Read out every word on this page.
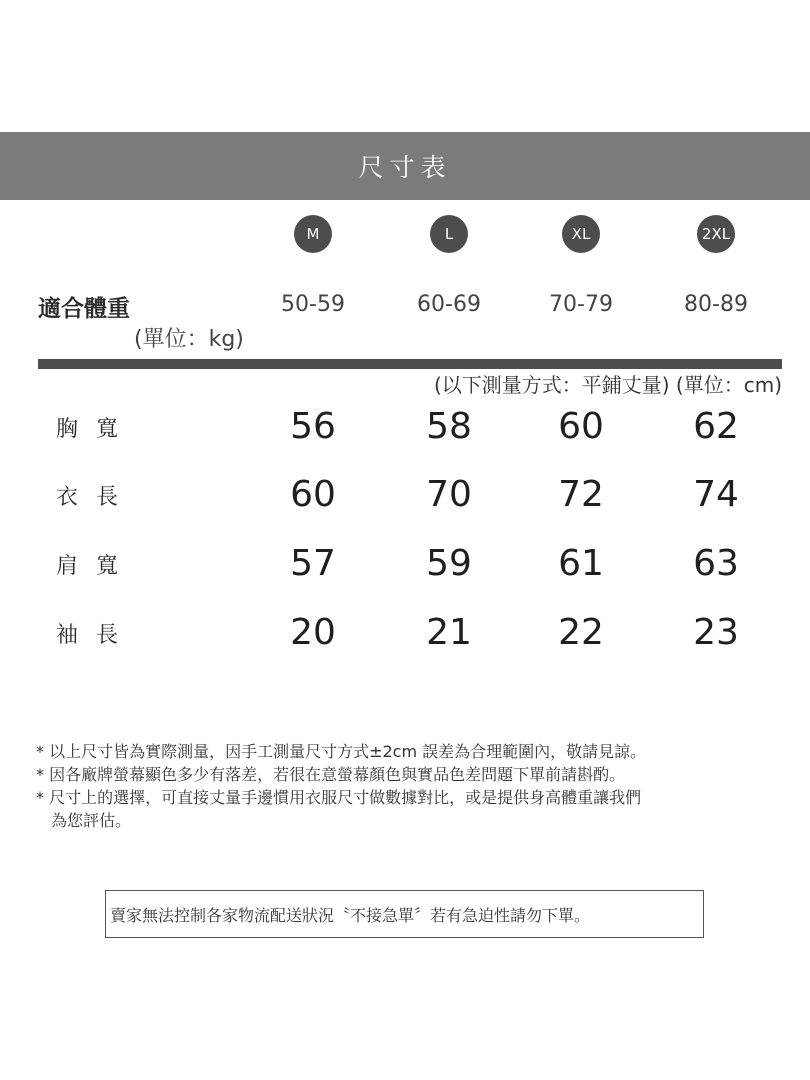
尺寸表
M	L	XL	2XL
適合體重
(單位：kg)
50-59	60-69	70-79	80-89
(以下測量方式：平鋪丈量) (單位：cm)
胸寬	56	58	60	62
衣長	60	70	72	74
肩寬	57	59	61	63
袖長	20	21	22	23
* 以上尺寸皆為實際測量，因手工測量尺寸方式±2cm 誤差為合理範圍內，敬請見諒。
* 因各廠牌螢幕顯色多少有落差，若很在意螢幕顏色與實品色差問題下單前請斟酌。
* 尺寸上的選擇，可直接丈量手邊慣用衣服尺寸做數據對比，或是提供身高體重讓我們
為您評估。
賣家無法控制各家物流配送狀況〝不接急單〞若有急迫性請勿下單。
